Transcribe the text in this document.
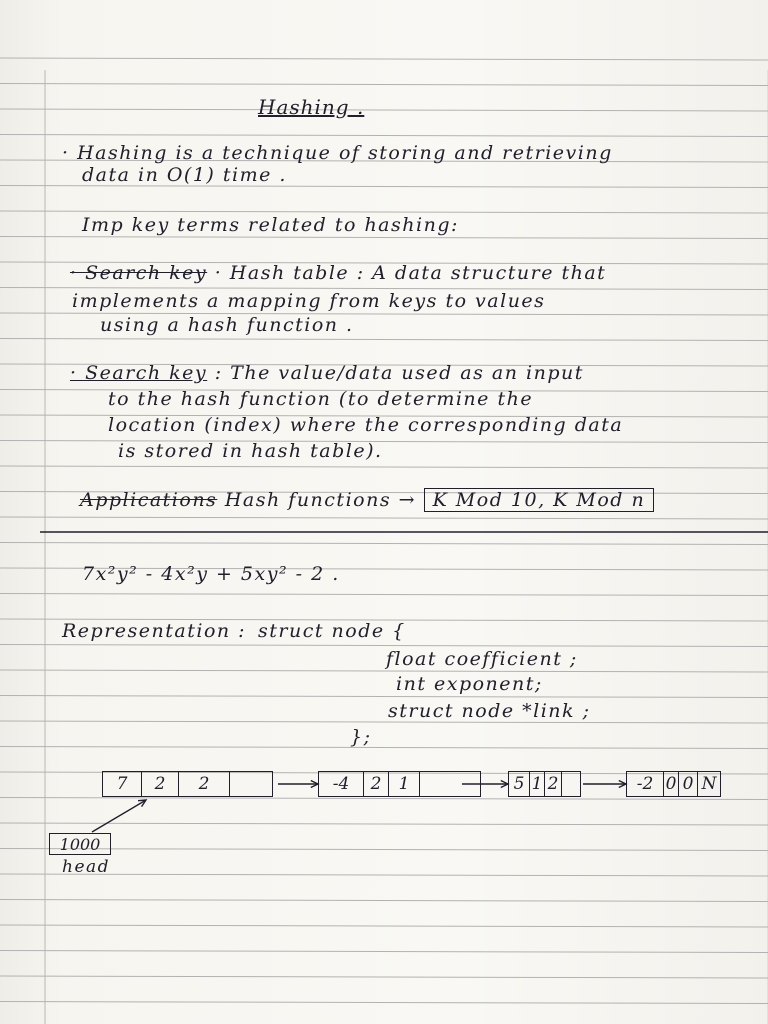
Hashing .
· Hashing is a technique of storing and retrieving
data in O(1) time .
Imp key terms related to hashing:
· Search key · Hash table : A data structure that
implements a mapping from keys to values
using a hash function .
· Search key : The value/data used as an input
to the hash function (to determine the
location (index) where the corresponding data
is stored in hash table).
Applications Hash functions → K Mod 10, K Mod n
7x²y² - 4x²y + 5xy² - 2 .
Representation : struct node {
float coefficient ;
int exponent;
struct node *link ;
};
7	2	2	-4	2	1	5 1 2	-2 0 0 N
1000
head
